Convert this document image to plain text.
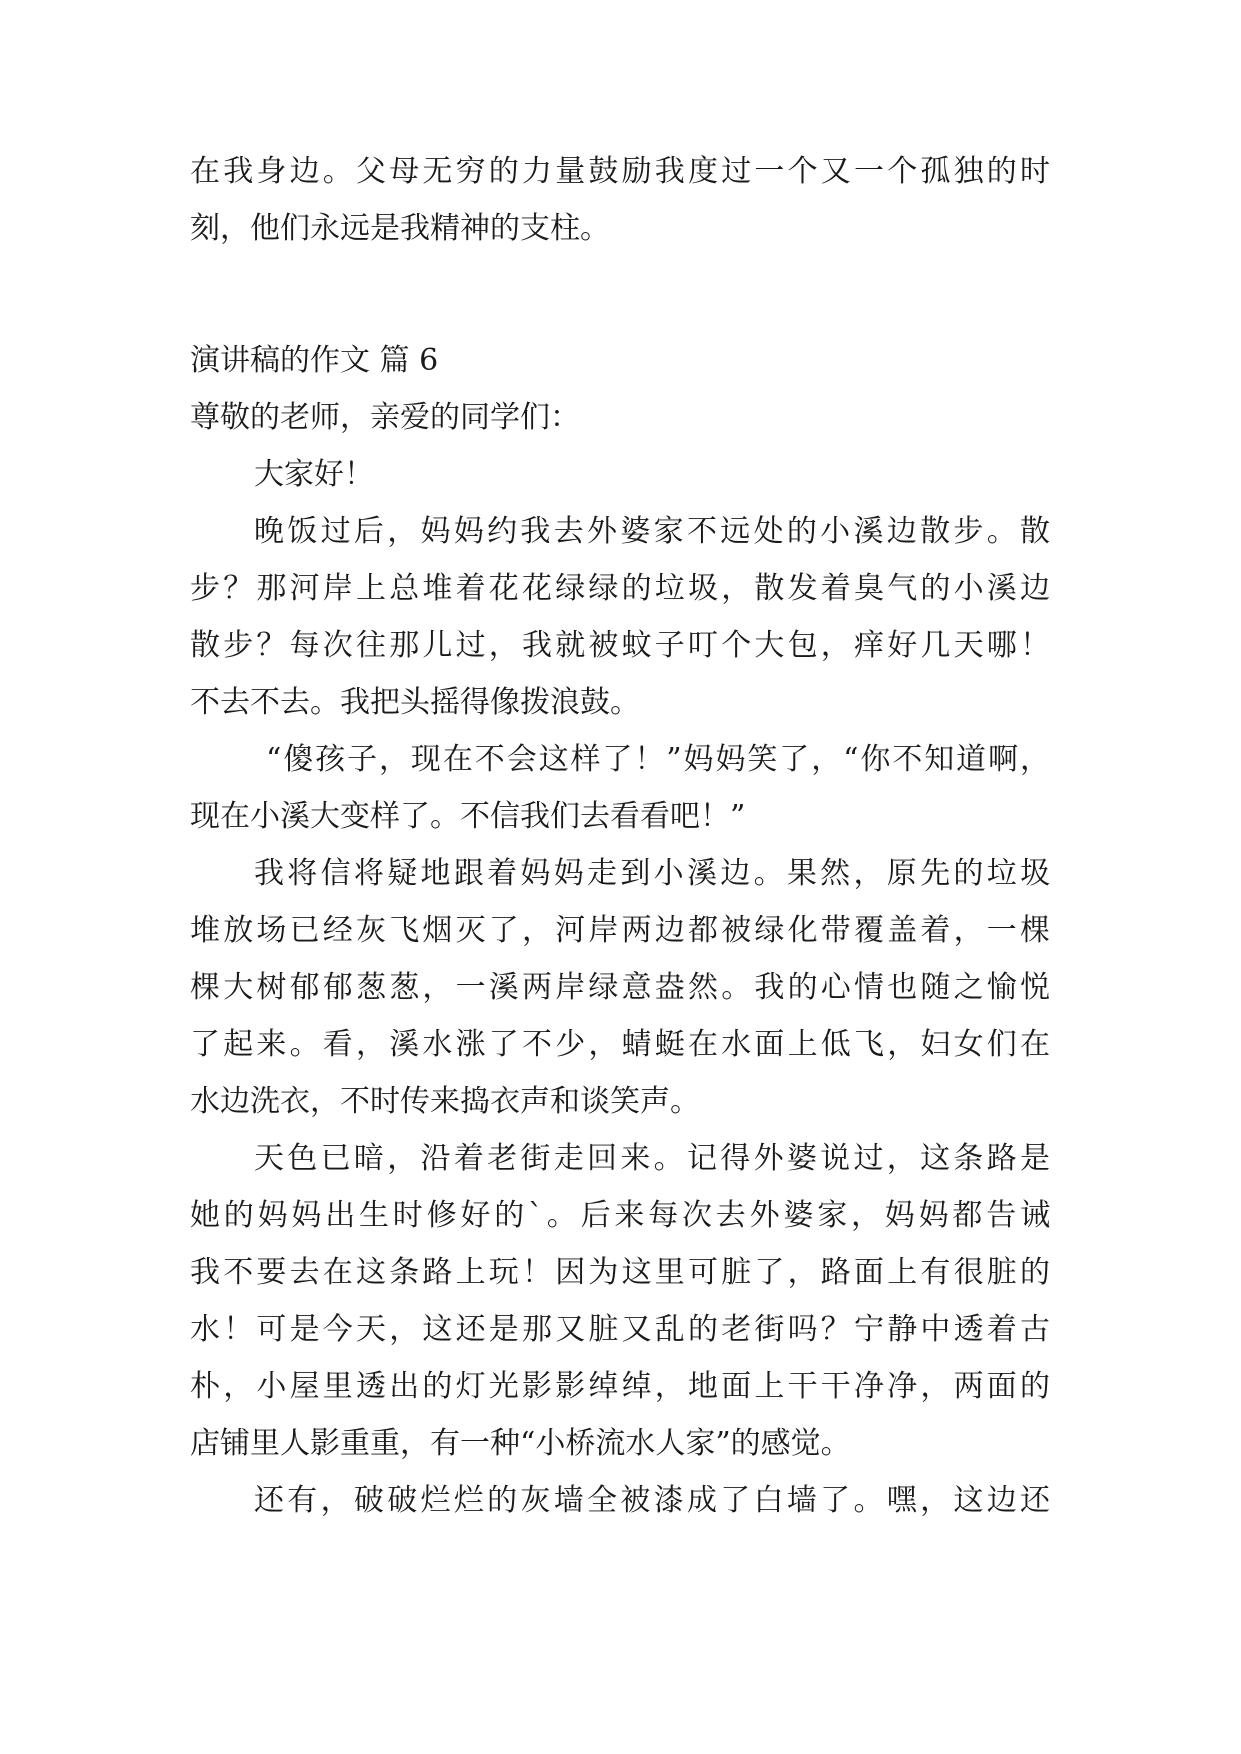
在我身边。父母无穷的力量鼓励我度过一个又一个孤独的时

刻，他们永远是我精神的支柱。

演讲稿的作文 篇 6

尊敬的老师，亲爱的同学们：

大家好！

晚饭过后，妈妈约我去外婆家不远处的小溪边散步。散

步？那河岸上总堆着花花绿绿的垃圾，散发着臭气的小溪边

散步？每次往那儿过，我就被蚊子叮个大包，痒好几天哪！

不去不去。我把头摇得像拨浪鼓。

“傻孩子，现在不会这样了！”妈妈笑了，“你不知道啊，

现在小溪大变样了。不信我们去看看吧！”

我将信将疑地跟着妈妈走到小溪边。果然，原先的垃圾

堆放场已经灰飞烟灭了，河岸两边都被绿化带覆盖着，一棵

棵大树郁郁葱葱，一溪两岸绿意盎然。我的心情也随之愉悦

了起来。看，溪水涨了不少，蜻蜓在水面上低飞，妇女们在

水边洗衣，不时传来捣衣声和谈笑声。

天色已暗，沿着老街走回来。记得外婆说过，这条路是

她的妈妈出生时修好的`。后来每次去外婆家，妈妈都告诫

我不要去在这条路上玩！因为这里可脏了，路面上有很脏的

水！可是今天，这还是那又脏又乱的老街吗？宁静中透着古

朴，小屋里透出的灯光影影绰绰，地面上干干净净，两面的

店铺里人影重重，有一种“小桥流水人家”的感觉。

还有，破破烂烂的灰墙全被漆成了白墙了。嘿，这边还
